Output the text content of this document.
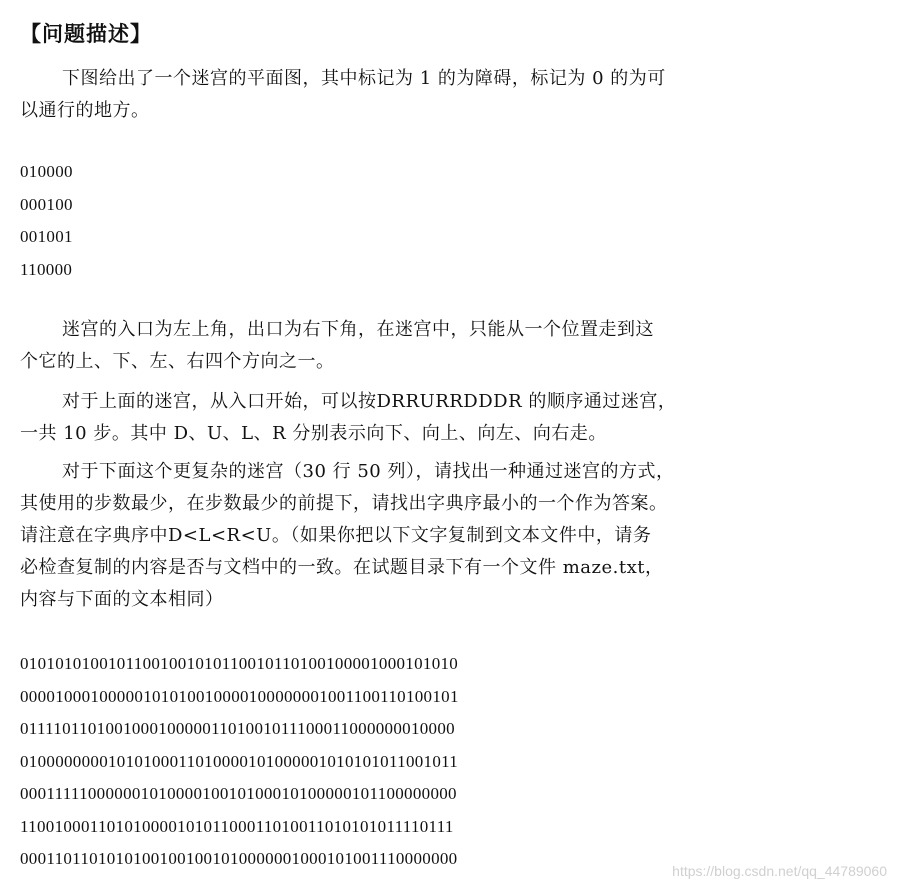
【问题描述】
下图给出了一个迷宫的平面图，其中标记为 1 的为障碍，标记为 0 的为可
以通行的地方。
010000
000100
001001
110000
迷宫的入口为左上角，出口为右下角，在迷宫中，只能从一个位置走到这
个它的上、下、左、右四个方向之一。
对于上面的迷宫，从入口开始，可以按DRRURRDDDR 的顺序通过迷宫，
一共 10 步。其中 D、U、L、R 分别表示向下、向上、向左、向右走。
对于下面这个更复杂的迷宫（30 行 50 列），请找出一种通过迷宫的方式，
其使用的步数最少，在步数最少的前提下，请找出字典序最小的一个作为答案。
请注意在字典序中D<L<R<U。（如果你把以下文字复制到文本文件中，请务
必检查复制的内容是否与文档中的一致。在试题目录下有一个文件 maze.txt，
内容与下面的文本相同）
01010101001011001001010110010110100100001000101010
00001000100000101010010000100000001001100110100101
01111011010010001000001101001011100011000000010000
01000000001010100011010000101000001010101011001011
00011111000000101000010010100010100000101100000000
11001000110101000010101100011010011010101011110111
00011011010101001001001010000001000101001110000000
https://blog.csdn.net/qq_44789060
